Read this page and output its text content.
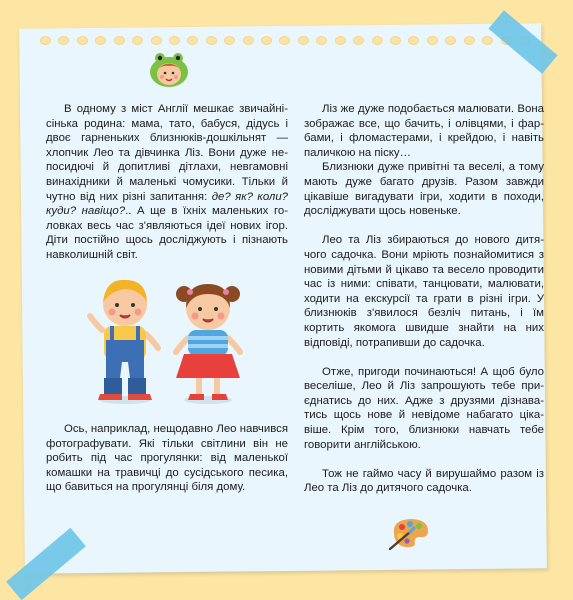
В одному з міст Англії мешкає звичайнісінька родина: мама, тато, бабуся, дідусь і двоє гарненьких близнюків-дошкільнят — хлопчик Лео та дівчинка Ліз. Вони дуже непосидючі й допитливі дітлахи, невгамовні винахідники й маленькі чомусики. Тільки й чутно від них різні запитання: де? як? коли? куди? навіщо?.. А ще в їхніх маленьких головках весь час з'являються ідеї нових ігор. Діти постійно щось досліджують і пізнають навколишній світ.

Ось, наприклад, нещодавно Лео навчився фотографувати. Які тільки світлини він не робить під час прогулянки: від маленької комашки на травичці до сусідського песика, що бавиться на прогулянці біля дому.

Ліз же дуже подобається малювати. Вона зображає все, що бачить, і олівцями, і фарбами, і фломастерами, і крейдою, і навіть паличкою на піску…

Близнюки дуже привітні та веселі, а тому мають дуже багато друзів. Разом завжди цікавіше вигадувати ігри, ходити в походи, досліджувати щось новеньке.

Лео та Ліз збираються до нового дитячого садочка. Вони мріють познайомитися з новими дітьми й цікаво та весело проводити час із ними: співати, танцювати, малювати, ходити на екскурсії та грати в різні ігри. У близнюків з'явилося безліч питань, і їм кортить якомога швидше знайти на них відповіді, потрапивши до садочка.

Отже, пригоди починаються! А щоб було веселіше, Лео й Ліз запрошують тебе приєднатись до них. Адже з друзями дізнаватись щось нове й невідоме набагато цікавіше. Крім того, близнюки навчать тебе говорити англійською.

Тож не гаймо часу й вирушаймо разом із Лео та Ліз до дитячого садочка.
